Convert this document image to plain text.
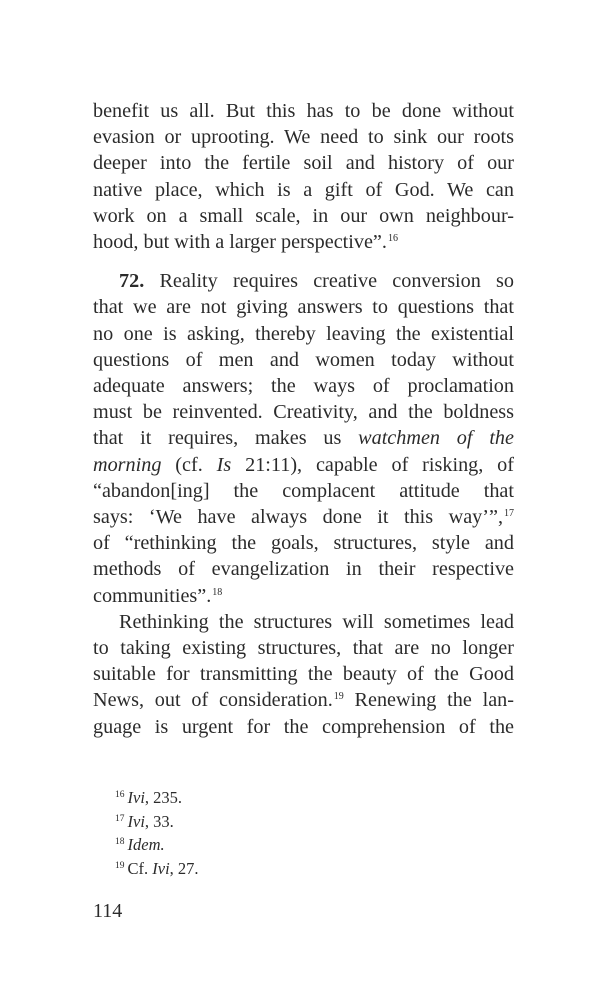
benefit us all. But this has to be done without
evasion or uprooting. We need to sink our roots
deeper into the fertile soil and history of our
native place, which is a gift of God. We can
work on a small scale, in our own neighbour-
hood, but with a larger perspective”.$^{16}$
72. Reality requires creative conversion so
that we are not giving answers to questions that
no one is asking, thereby leaving the existential
questions of men and women today without
adequate answers; the ways of proclamation
must be reinvented. Creativity, and the boldness
that it requires, makes us watchmen of the
morning (cf. Is 21:11), capable of risking, of
“abandon[ing] the complacent attitude that
says: ‘We have always done it this way’”,$^{17}$
of “rethinking the goals, structures, style and
methods of evangelization in their respective
communities”.$^{18}$
Rethinking the structures will sometimes lead
to taking existing structures, that are no longer
suitable for transmitting the beauty of the Good
News, out of consideration.$^{19}$ Renewing the lan-
guage is urgent for the comprehension of the
$^{16}$ Ivi, 235.
$^{17}$ Ivi, 33.
$^{18}$ Idem.
$^{19}$ Cf. Ivi, 27.
114
